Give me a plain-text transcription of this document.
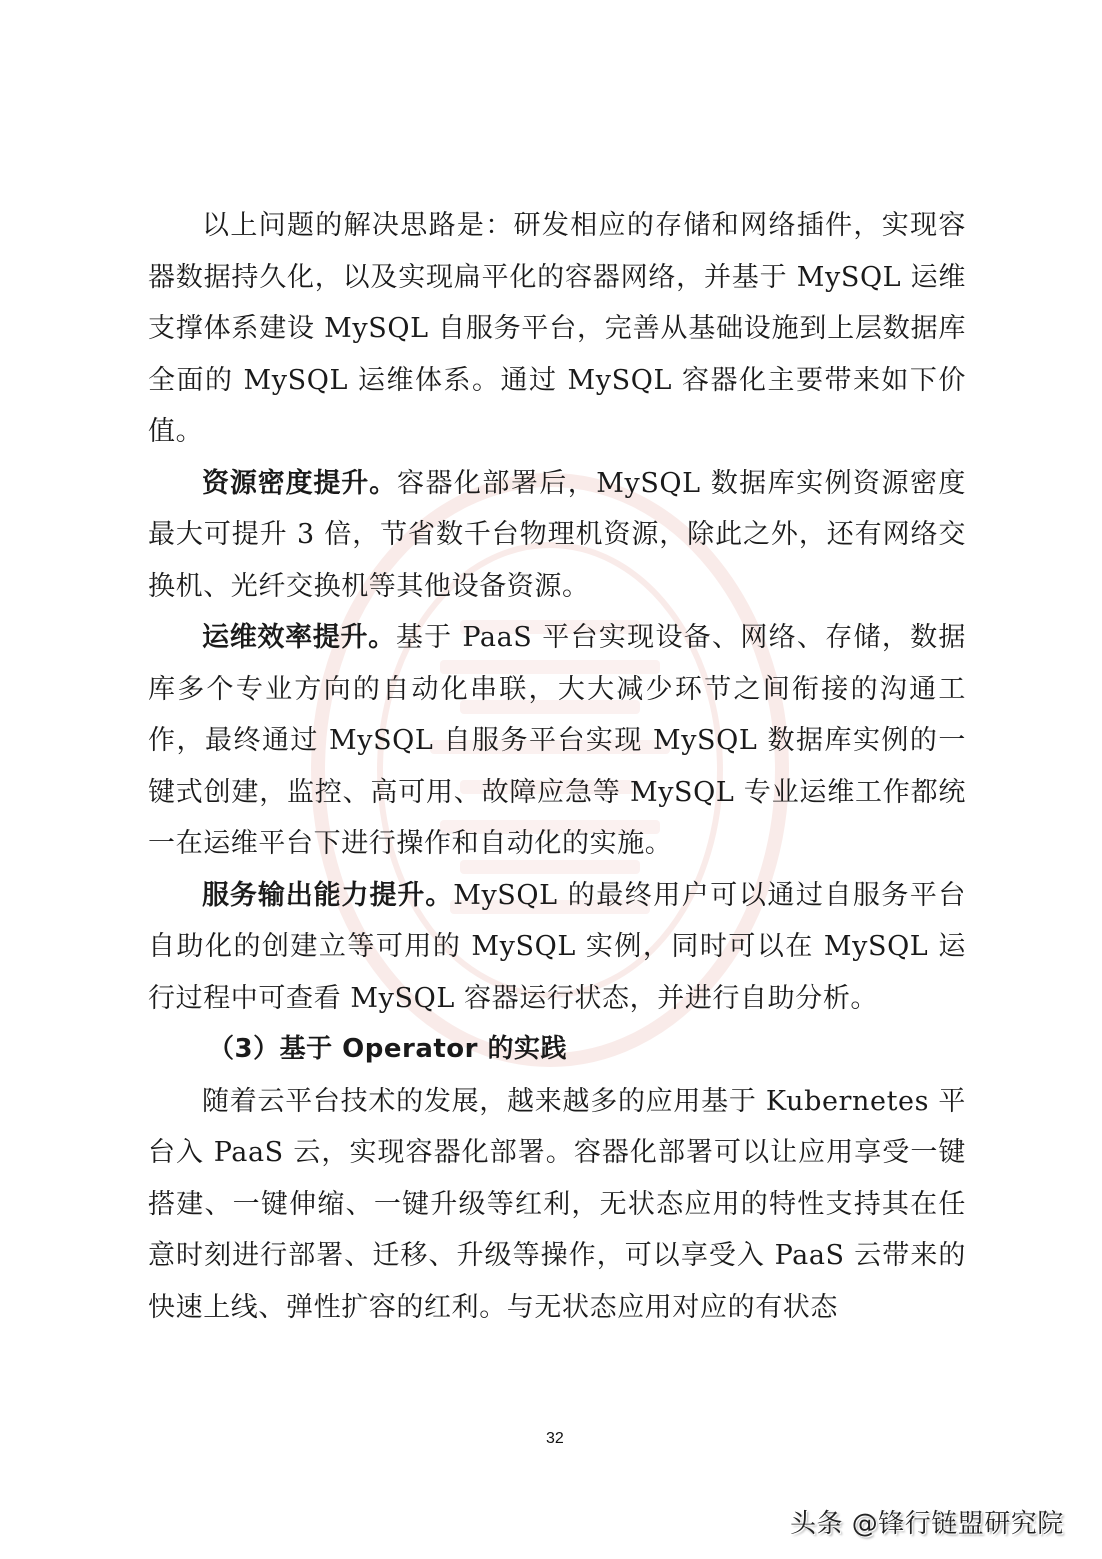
以上问题的解决思路是：研发相应的存储和网络插件，实现容器数据持久化，以及实现扁平化的容器网络，并基于 MySQL 运维支撑体系建设 MySQL 自服务平台，完善从基础设施到上层数据库全面的 MySQL 运维体系。通过 MySQL 容器化主要带来如下价值。

资源密度提升。容器化部署后，MySQL 数据库实例资源密度最大可提升 3 倍，节省数千台物理机资源，除此之外，还有网络交换机、光纤交换机等其他设备资源。

运维效率提升。基于 PaaS 平台实现设备、网络、存储，数据库多个专业方向的自动化串联，大大减少环节之间衔接的沟通工作，最终通过 MySQL 自服务平台实现 MySQL 数据库实例的一键式创建，监控、高可用、故障应急等 MySQL 专业运维工作都统一在运维平台下进行操作和自动化的实施。

服务输出能力提升。MySQL 的最终用户可以通过自服务平台自助化的创建立等可用的 MySQL 实例，同时可以在 MySQL 运行过程中可查看 MySQL 容器运行状态，并进行自助分析。

（3）基于 Operator 的实践

随着云平台技术的发展，越来越多的应用基于 Kubernetes 平台入 PaaS 云，实现容器化部署。容器化部署可以让应用享受一键搭建、一键伸缩、一键升级等红利，无状态应用的特性支持其在任意时刻进行部署、迁移、升级等操作，可以享受入 PaaS 云带来的快速上线、弹性扩容的红利。与无状态应用对应的有状态

32
头条 @锋行链盟研究院
